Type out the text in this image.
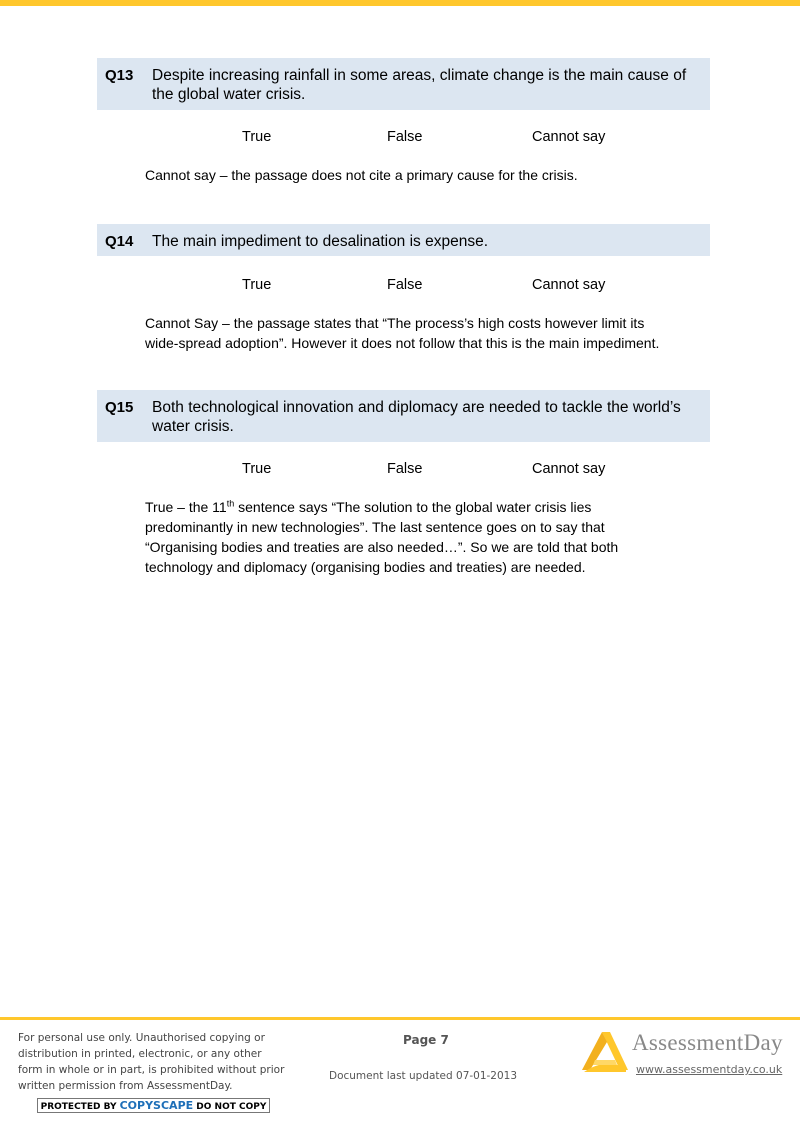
Q13 Despite increasing rainfall in some areas, climate change is the main cause of the global water crisis.
True	False	Cannot say
Cannot say – the passage does not cite a primary cause for the crisis.
Q14 The main impediment to desalination is expense.
True	False	Cannot say
Cannot Say – the passage states that “The process’s high costs however limit its wide-spread adoption”. However it does not follow that this is the main impediment.
Q15 Both technological innovation and diplomacy are needed to tackle the world’s water crisis.
True	False	Cannot say
True – the 11th sentence says “The solution to the global water crisis lies predominantly in new technologies”. The last sentence goes on to say that “Organising bodies and treaties are also needed…”. So we are told that both technology and diplomacy (organising bodies and treaties) are needed.
For personal use only. Unauthorised copying or distribution in printed, electronic, or any other form in whole or in part, is prohibited without prior written permission from AssessmentDay.
PROTECTED BY COPYSCAPE DO NOT COPY
Page 7
Document last updated 07-01-2013
AssessmentDay
www.assessmentday.co.uk
